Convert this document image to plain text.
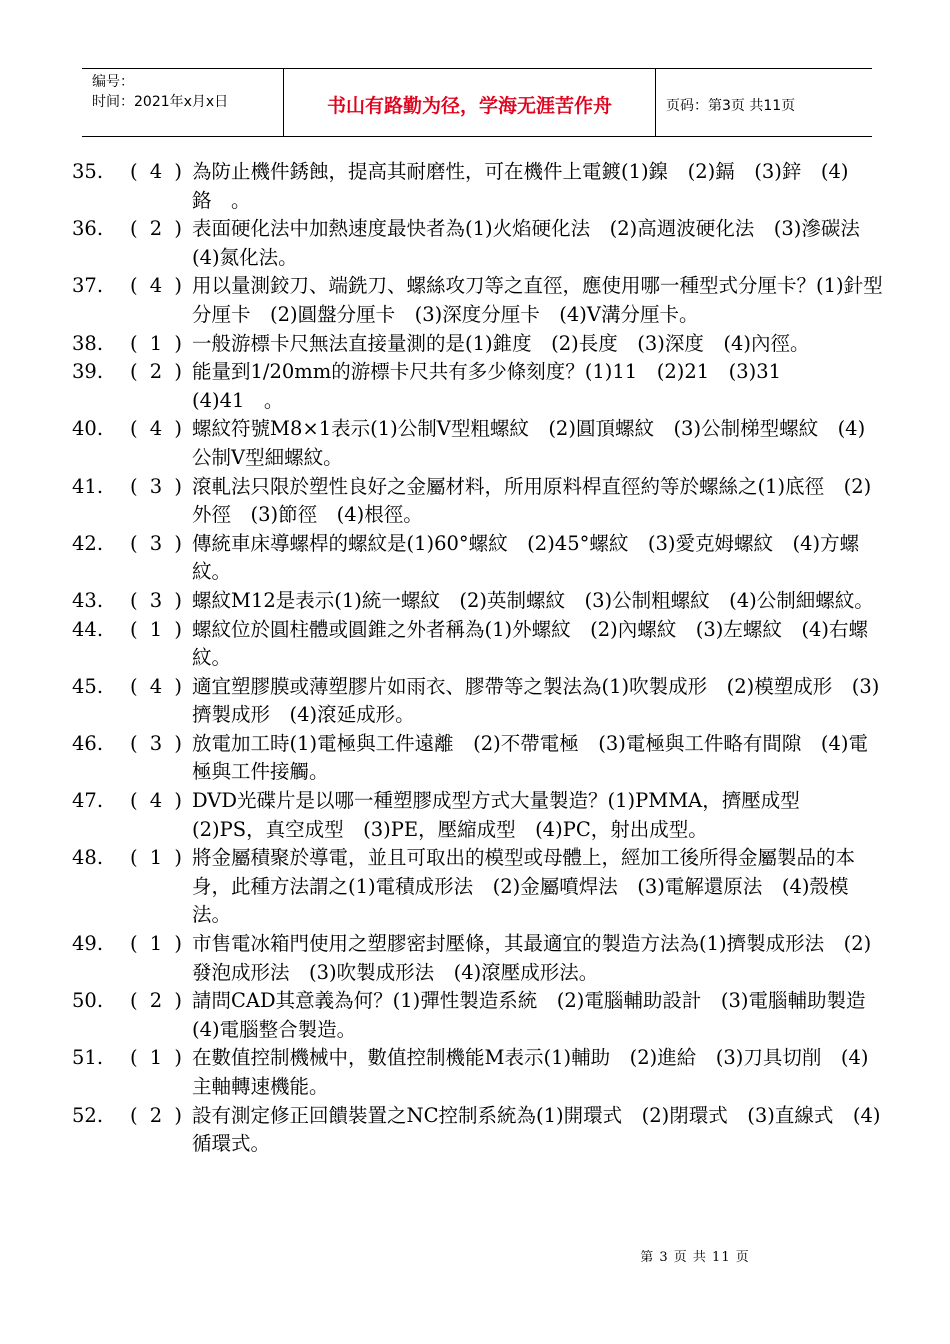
编号：
时间：2021年x月x日	书山有路勤为径，学海无涯苦作舟	页码：第3页 共11页
35.	( 4 ) 為防止機件銹蝕，提高其耐磨性，可在機件上電鍍(1)鎳　(2)鎘　(3)鋅　(4)鉻　。
36.	( 2 ) 表面硬化法中加熱速度最快者為(1)火焰硬化法　(2)高週波硬化法　(3)滲碳法　(4)氮化法。
37.	( 4 ) 用以量測鉸刀、端銑刀、螺絲攻刀等之直徑，應使用哪一種型式分厘卡？(1)針型分厘卡　(2)圓盤分厘卡　(3)深度分厘卡　(4)V溝分厘卡。
38.	( 1 ) 一般游標卡尺無法直接量測的是(1)錐度　(2)長度　(3)深度　(4)內徑。
39.	( 2 ) 能量到1/20mm的游標卡尺共有多少條刻度？(1)11　(2)21　(3)31　　(4)41　。
40.	( 4 ) 螺紋符號M8×1表示(1)公制V型粗螺紋　(2)圓頂螺紋　(3)公制梯型螺紋　(4)公制V型細螺紋。
41.	( 3 ) 滾軋法只限於塑性良好之金屬材料，所用原料桿直徑約等於螺絲之(1)底徑　(2)外徑　(3)節徑　(4)根徑。
42.	( 3 ) 傳統車床導螺桿的螺紋是(1)60°螺紋　(2)45°螺紋　(3)愛克姆螺紋　(4)方螺紋。
43.	( 3 ) 螺紋M12是表示(1)統一螺紋　(2)英制螺紋　(3)公制粗螺紋　(4)公制細螺紋。
44.	( 1 ) 螺紋位於圓柱體或圓錐之外者稱為(1)外螺紋　(2)內螺紋　(3)左螺紋　(4)右螺紋。
45.	( 4 ) 適宜塑膠膜或薄塑膠片如雨衣、膠帶等之製法為(1)吹製成形　(2)模塑成形　(3)擠製成形　(4)滾延成形。
46.	( 3 ) 放電加工時(1)電極與工件遠離　(2)不帶電極　(3)電極與工件略有間隙　(4)電極與工件接觸。
47.	( 4 ) DVD光碟片是以哪一種塑膠成型方式大量製造？(1)PMMA，擠壓成型　(2)PS，真空成型　(3)PE，壓縮成型　(4)PC，射出成型。
48.	( 1 ) 將金屬積聚於導電，並且可取出的模型或母體上，經加工後所得金屬製品的本身，此種方法謂之(1)電積成形法　(2)金屬噴焊法　(3)電解還原法　(4)殼模法。
49.	( 1 ) 市售電冰箱門使用之塑膠密封壓條，其最適宜的製造方法為(1)擠製成形法　(2)發泡成形法　(3)吹製成形法　(4)滾壓成形法。
50.	( 2 ) 請問CAD其意義為何？(1)彈性製造系統　(2)電腦輔助設計　(3)電腦輔助製造　(4)電腦整合製造。
51.	( 1 ) 在數值控制機械中，數值控制機能M表示(1)輔助　(2)進給　(3)刀具切削　(4)主軸轉速機能。
52.	( 2 ) 設有測定修正回饋裝置之NC控制系統為(1)開環式　(2)閉環式　(3)直線式　(4)循環式。
第 3 页 共 11 页
